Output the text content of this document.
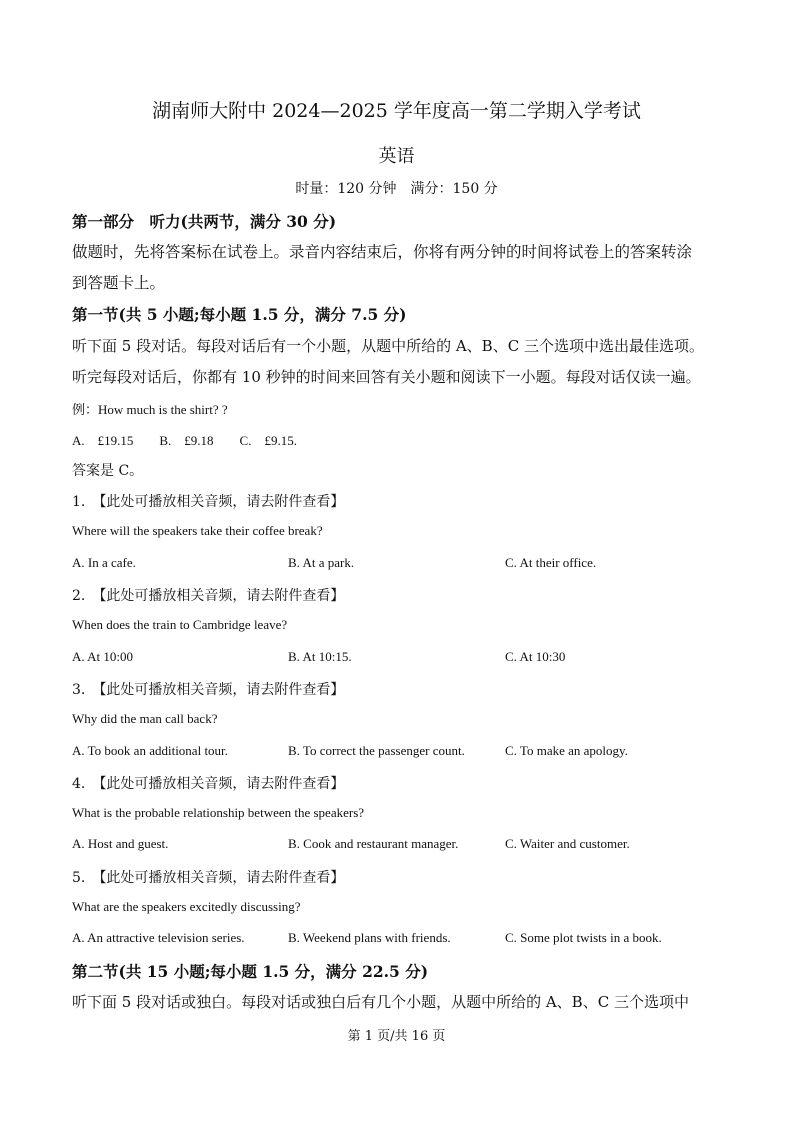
湖南师大附中 2024—2025 学年度高一第二学期入学考试
英语
时量：120 分钟　满分：150 分
第一部分　听力(共两节，满分 30 分)
做题时，先将答案标在试卷上。录音内容结束后，你将有两分钟的时间将试卷上的答案转涂
到答题卡上。
第一节(共 5 小题;每小题 1.5 分，满分 7.5 分)
听下面 5 段对话。每段对话后有一个小题，从题中所给的 A、B、C 三个选项中选出最佳选项。
听完每段对话后，你都有 10 秒钟的时间来回答有关小题和阅读下一小题。每段对话仅读一遍。
例：How much is the shirt? ?
A.　£19.15　　B.　£9.18　　C.　£9.15.
答案是 C。
1.　【此处可播放相关音频，请去附件查看】
Where will the speakers take their coffee break?
A. In a cafe.	B. At a park.	C. At their office.
2.　【此处可播放相关音频，请去附件查看】
When does the train to Cambridge leave?
A. At 10:00	B. At 10:15.	C. At 10:30
3.　【此处可播放相关音频，请去附件查看】
Why did the man call back?
A. To book an additional tour.	B. To correct the passenger count.	C. To make an apology.
4.　【此处可播放相关音频，请去附件查看】
What is the probable relationship between the speakers?
A. Host and guest.	B. Cook and restaurant manager.	C. Waiter and customer.
5.　【此处可播放相关音频，请去附件查看】
What are the speakers excitedly discussing?
A. An attractive television series.	B. Weekend plans with friends.	C. Some plot twists in a book.
第二节(共 15 小题;每小题 1.5 分，满分 22.5 分)
听下面 5 段对话或独白。每段对话或独白后有几个小题，从题中所给的 A、B、C 三个选项中
第 1 页/共 16 页
